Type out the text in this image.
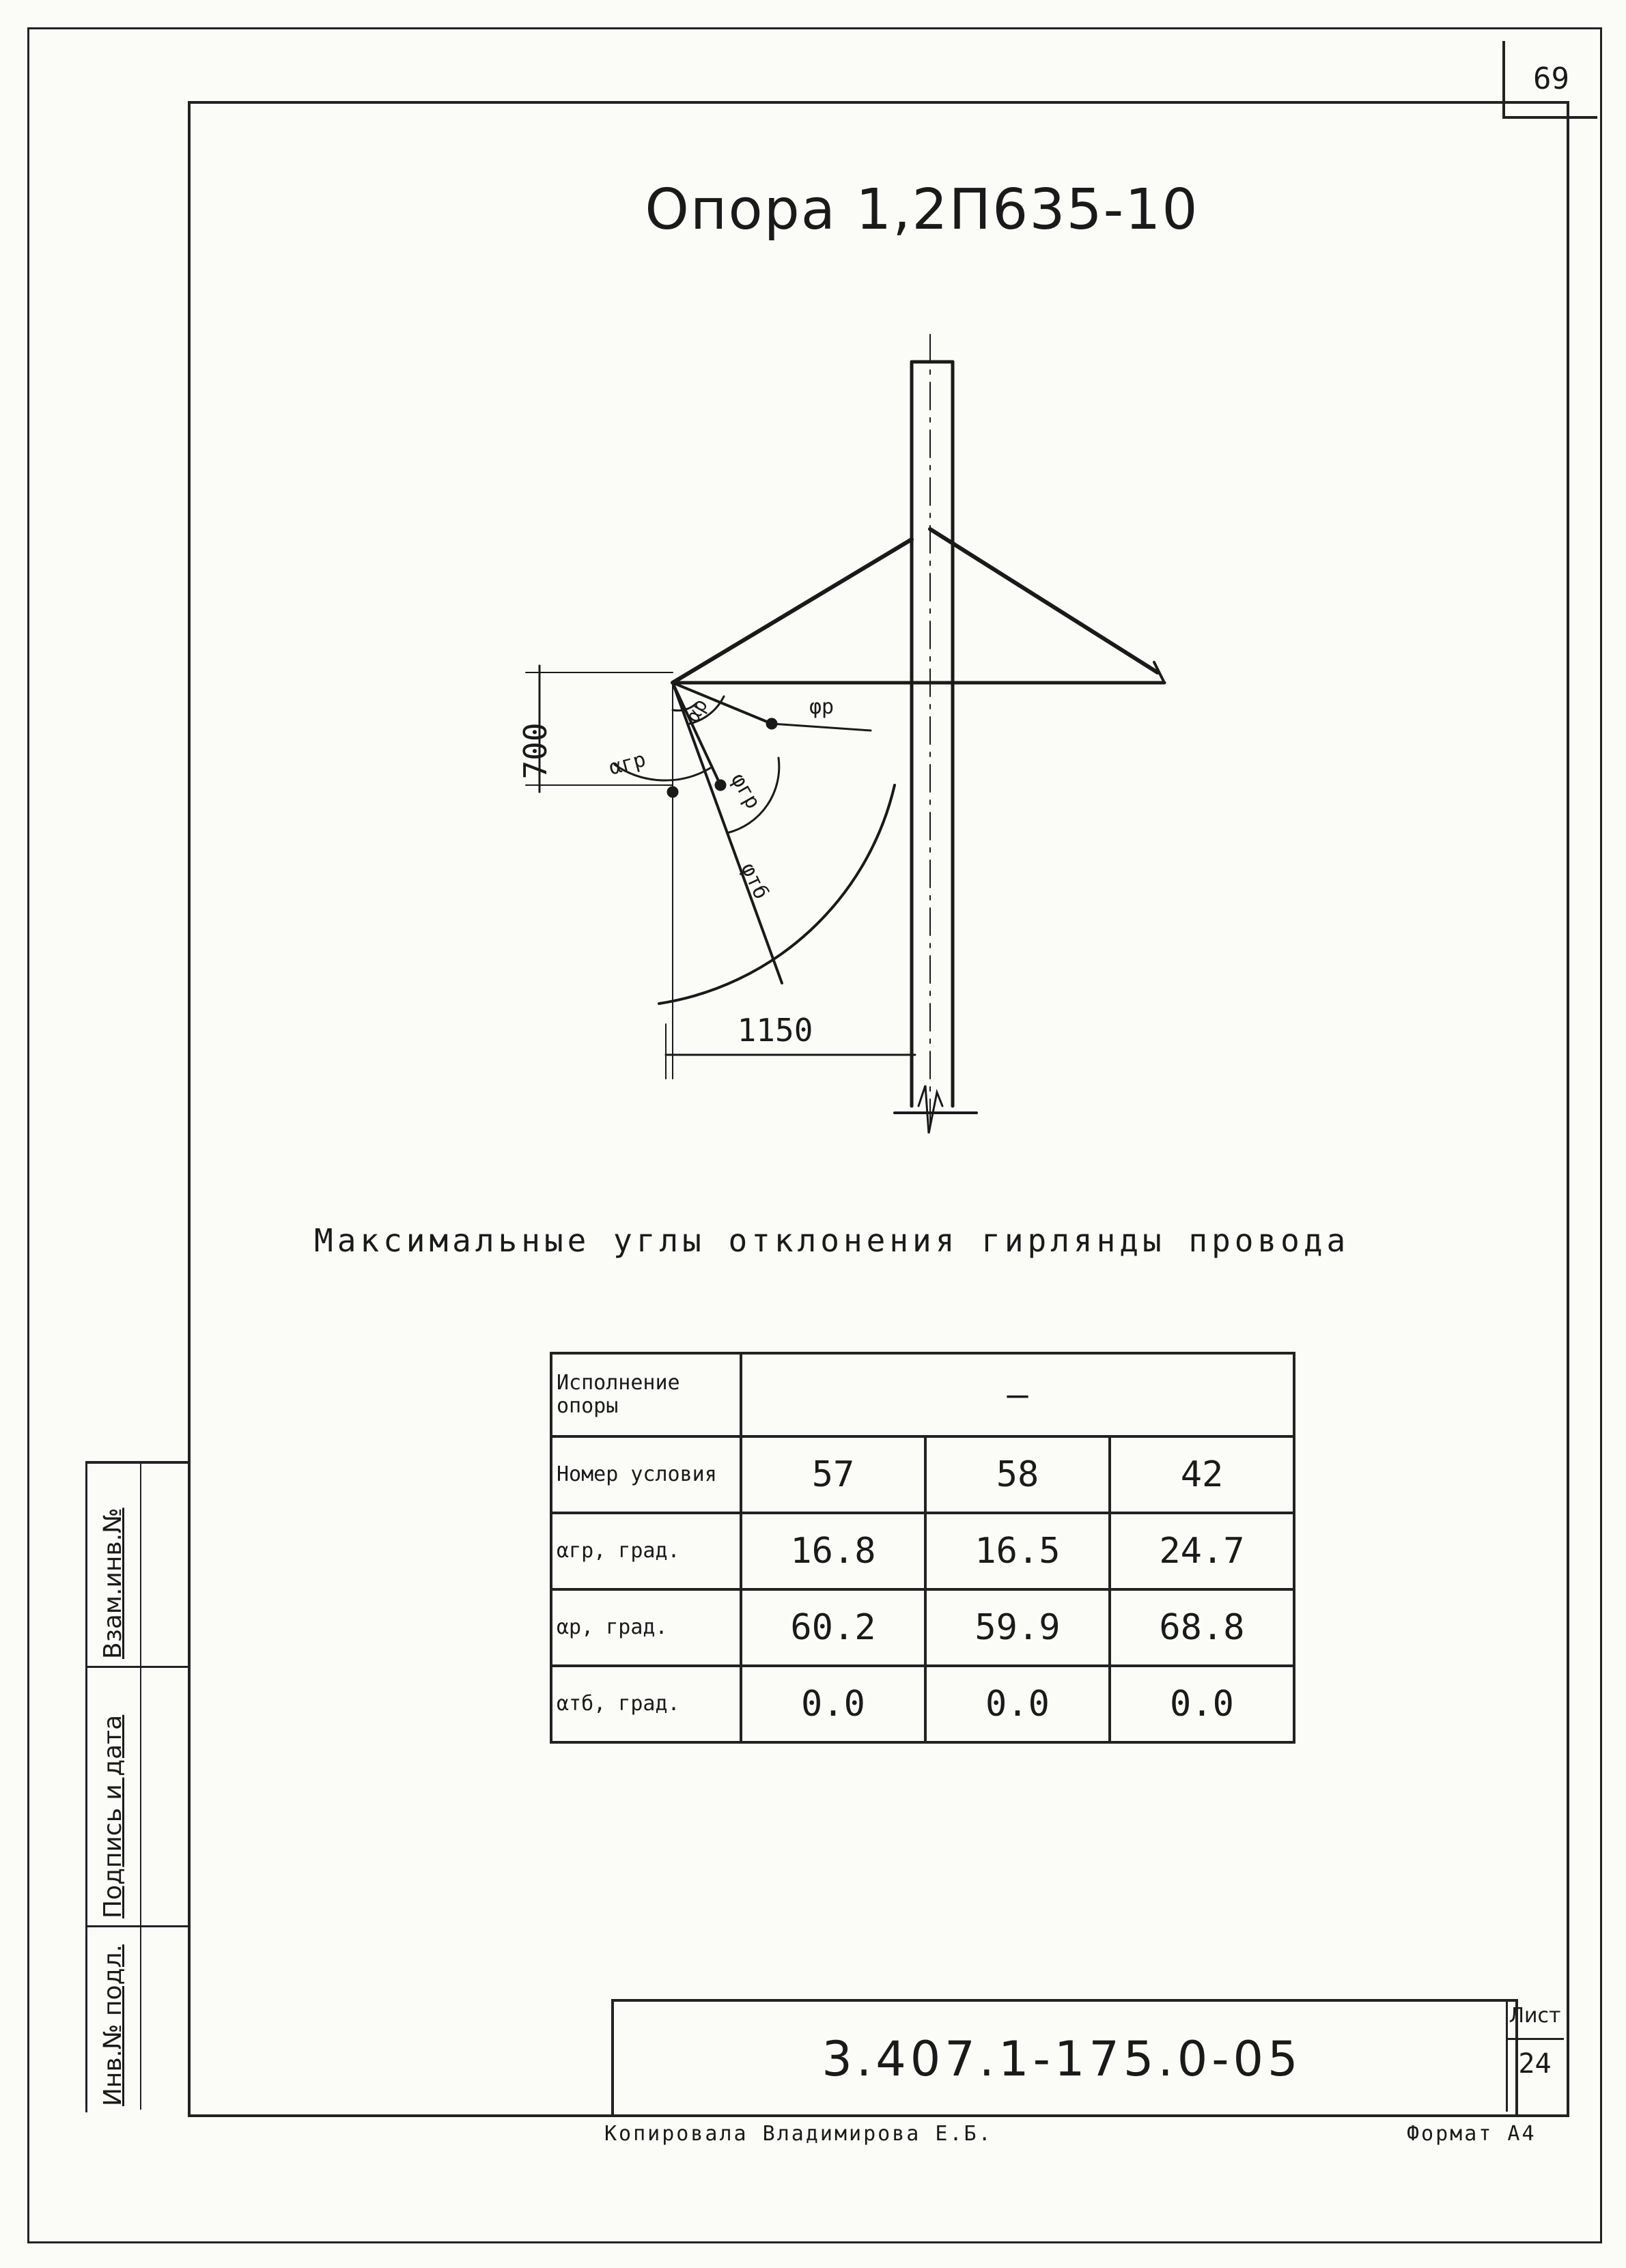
69
Опора 1,2П635-10
700
1150
φр
αр
αгр
φгр
φтб
Максимальные углы отклонения гирлянды провода
Исполнение опоры	—		
Номер условия	57	58	42
αгр, град.	16.8	16.5	24.7
αр, град.	60.2	59.9	68.8
αтб, град.	0.0	0.0	0.0
Взам.инв.№
Подпись и дата
Инв.№ подл.	3.407.1-175.0-05
Лист
24
Копировала Владимирова Е.Б.	Формат А4
